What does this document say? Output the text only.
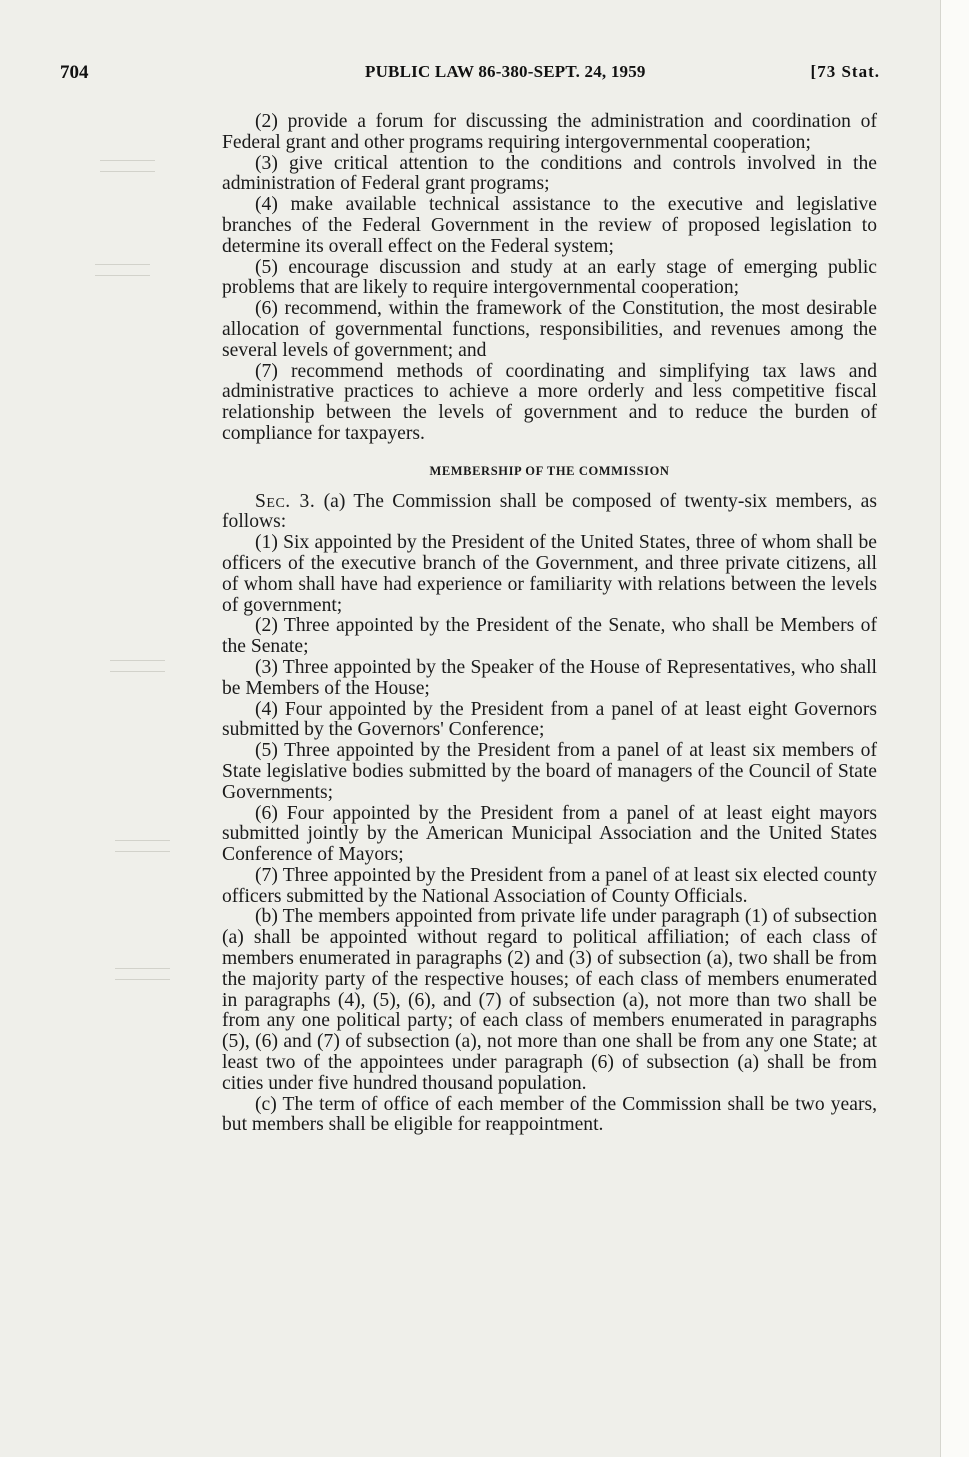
704	PUBLIC LAW 86-380-SEPT. 24, 1959	[73 Stat.

(2) provide a forum for discussing the administration and coordination of Federal grant and other programs requiring intergovernmental cooperation;

(3) give critical attention to the conditions and controls involved in the administration of Federal grant programs;

(4) make available technical assistance to the executive and legislative branches of the Federal Government in the review of proposed legislation to determine its overall effect on the Federal system;

(5) encourage discussion and study at an early stage of emerging public problems that are likely to require intergovernmental cooperation;

(6) recommend, within the framework of the Constitution, the most desirable allocation of governmental functions, responsibilities, and revenues among the several levels of government; and

(7) recommend methods of coordinating and simplifying tax laws and administrative practices to achieve a more orderly and less competitive fiscal relationship between the levels of government and to reduce the burden of compliance for taxpayers.

MEMBERSHIP OF THE COMMISSION

Sec. 3. (a) The Commission shall be composed of twenty-six members, as follows:

(1) Six appointed by the President of the United States, three of whom shall be officers of the executive branch of the Government, and three private citizens, all of whom shall have had experience or familiarity with relations between the levels of government;

(2) Three appointed by the President of the Senate, who shall be Members of the Senate;

(3) Three appointed by the Speaker of the House of Representatives, who shall be Members of the House;

(4) Four appointed by the President from a panel of at least eight Governors submitted by the Governors' Conference;

(5) Three appointed by the President from a panel of at least six members of State legislative bodies submitted by the board of managers of the Council of State Governments;

(6) Four appointed by the President from a panel of at least eight mayors submitted jointly by the American Municipal Association and the United States Conference of Mayors;

(7) Three appointed by the President from a panel of at least six elected county officers submitted by the National Association of County Officials.

(b) The members appointed from private life under paragraph (1) of subsection (a) shall be appointed without regard to political affiliation; of each class of members enumerated in paragraphs (2) and (3) of subsection (a), two shall be from the majority party of the respective houses; of each class of members enumerated in paragraphs (4), (5), (6), and (7) of subsection (a), not more than two shall be from any one political party; of each class of members enumerated in paragraphs (5), (6) and (7) of subsection (a), not more than one shall be from any one State; at least two of the appointees under paragraph (6) of subsection (a) shall be from cities under five hundred thousand population.

(c) The term of office of each member of the Commission shall be two years, but members shall be eligible for reappointment.
